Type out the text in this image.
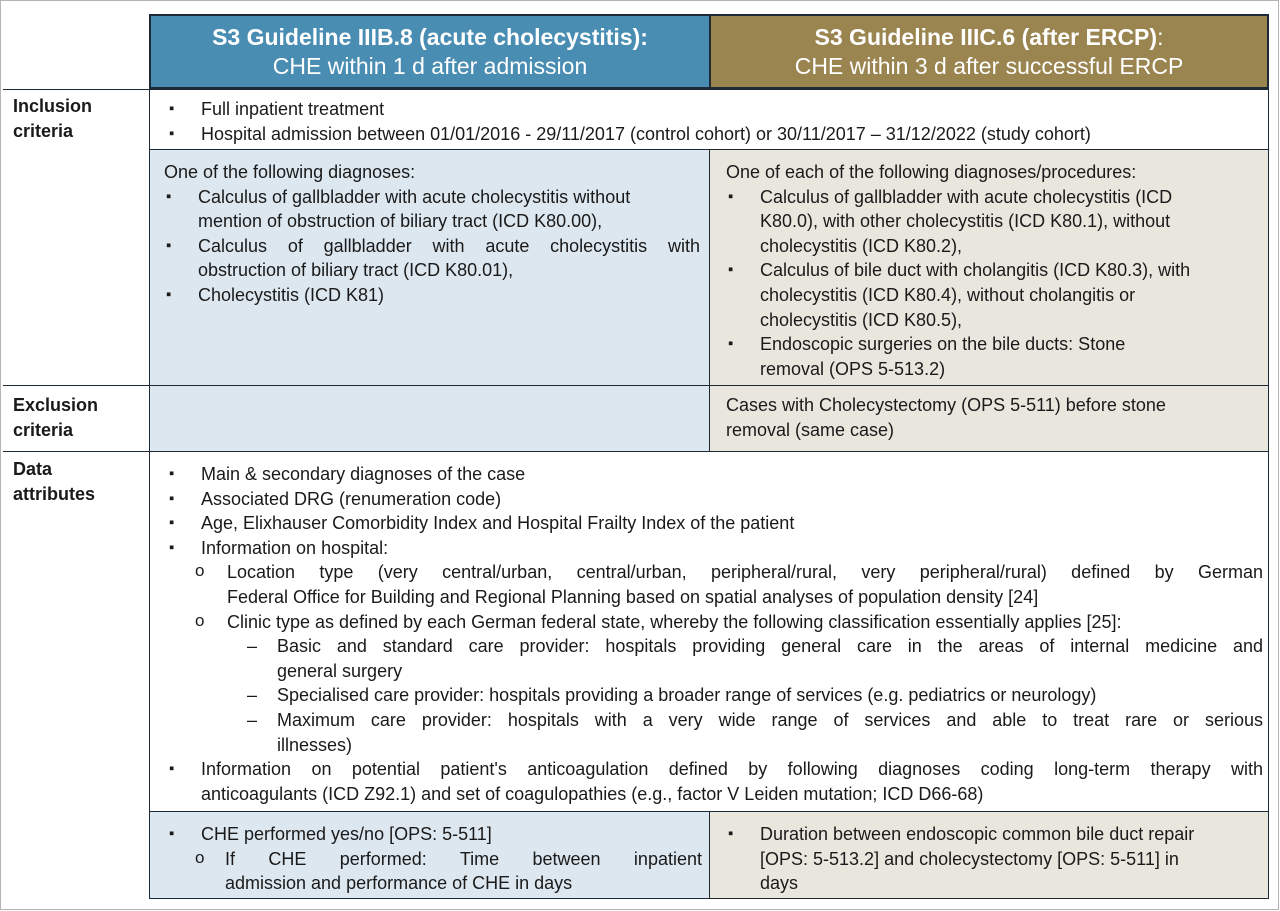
S3 Guideline IIIB.8 (acute cholecystitis):
CHE within 1 d after admission
S3 Guideline IIIC.6 (after ERCP):
CHE within 3 d after successful ERCP
Inclusion
criteria
Exclusion
criteria
Data
attributes
▪ Full inpatient treatment
▪ Hospital admission between 01/01/2016 - 29/11/2017 (control cohort) or 30/11/2017 – 31/12/2022 (study cohort)
One of the following diagnoses:
▪ Calculus of gallbladder with acute cholecystitis without
mention of obstruction of biliary tract (ICD K80.00),
▪ Calculus of gallbladder with acute cholecystitis with
obstruction of biliary tract (ICD K80.01),
▪ Cholecystitis (ICD K81)
One of each of the following diagnoses/procedures:
▪ Calculus of gallbladder with acute cholecystitis (ICD
K80.0), with other cholecystitis (ICD K80.1), without
cholecystitis (ICD K80.2),
▪ Calculus of bile duct with cholangitis (ICD K80.3), with
cholecystitis (ICD K80.4), without cholangitis or
cholecystitis (ICD K80.5),
▪ Endoscopic surgeries on the bile ducts: Stone
removal (OPS 5-513.2)
Cases with Cholecystectomy (OPS 5-511) before stone
removal (same case)
▪ Main & secondary diagnoses of the case
▪ Associated DRG (renumeration code)
▪ Age, Elixhauser Comorbidity Index and Hospital Frailty Index of the patient
▪ Information on hospital:
o Location type (very central/urban, central/urban, peripheral/rural, very peripheral/rural) defined by German
Federal Office for Building and Regional Planning based on spatial analyses of population density [24]
o Clinic type as defined by each German federal state, whereby the following classification essentially applies [25]:
– Basic and standard care provider: hospitals providing general care in the areas of internal medicine and
general surgery
– Specialised care provider: hospitals providing a broader range of services (e.g. pediatrics or neurology)
– Maximum care provider: hospitals with a very wide range of services and able to treat rare or serious
illnesses)
▪ Information on potential patient's anticoagulation defined by following diagnoses coding long-term therapy with
anticoagulants (ICD Z92.1) and set of coagulopathies (e.g., factor V Leiden mutation; ICD D66-68)
▪ CHE performed yes/no [OPS: 5-511]
o If CHE performed: Time between inpatient
admission and performance of CHE in days
▪ Duration between endoscopic common bile duct repair
[OPS: 5-513.2] and cholecystectomy [OPS: 5-511] in
days
